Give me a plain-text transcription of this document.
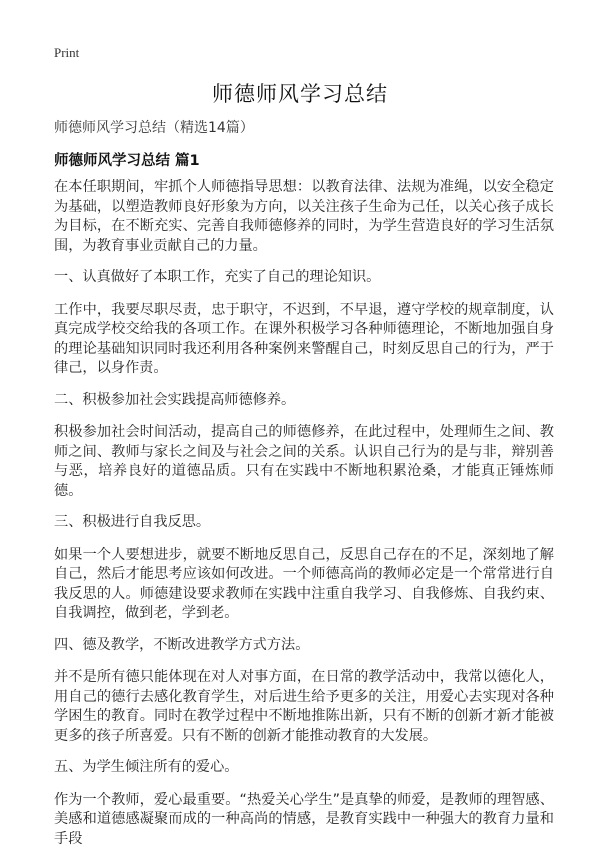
Print
师德师风学习总结
师德师风学习总结（精选14篇）
师德师风学习总结 篇1

在本任职期间，牢抓个人师德指导思想：以教育法律、法规为准绳，以安全稳定为基础，以塑造教师良好形象为方向，以关注孩子生命为己任，以关心孩子成长为目标，在不断充实、完善自我师德修养的同时，为学生营造良好的学习生活氛围，为教育事业贡献自己的力量。

一、认真做好了本职工作，充实了自己的理论知识。

工作中，我要尽职尽责，忠于职守，不迟到，不早退，遵守学校的规章制度，认真完成学校交给我的各项工作。在课外积极学习各种师德理论，不断地加强自身的理论基础知识同时我还利用各种案例来警醒自己，时刻反思自己的行为，严于律己，以身作责。

二、积极参加社会实践提高师德修养。

积极参加社会时间活动，提高自己的师德修养，在此过程中，处理师生之间、教师之间、教师与家长之间及与社会之间的关系。认识自己行为的是与非，辩别善与恶，培养良好的道德品质。只有在实践中不断地积累沧桑，才能真正锤炼师德。

三、积极进行自我反思。

如果一个人要想进步，就要不断地反思自己，反思自己存在的不足，深刻地了解自己，然后才能思考应该如何改进。一个师德高尚的教师必定是一个常常进行自我反思的人。师德建设要求教师在实践中注重自我学习、自我修炼、自我约束、自我调控，做到老，学到老。

四、德及教学，不断改进教学方式方法。

并不是所有德只能体现在对人对事方面，在日常的教学活动中，我常以德化人，用自己的德行去感化教育学生，对后进生给予更多的关注，用爱心去实现对各种学困生的教育。同时在教学过程中不断地推陈出新，只有不断的创新才新才能被更多的孩子所喜爱。只有不断的创新才能推动教育的大发展。

五、为学生倾注所有的爱心。

作为一个教师，爱心最重要。“热爱关心学生”是真挚的师爱，是教师的理智感、美感和道德感凝聚而成的一种高尚的情感，是教育实践中一种强大的教育力量和手段
